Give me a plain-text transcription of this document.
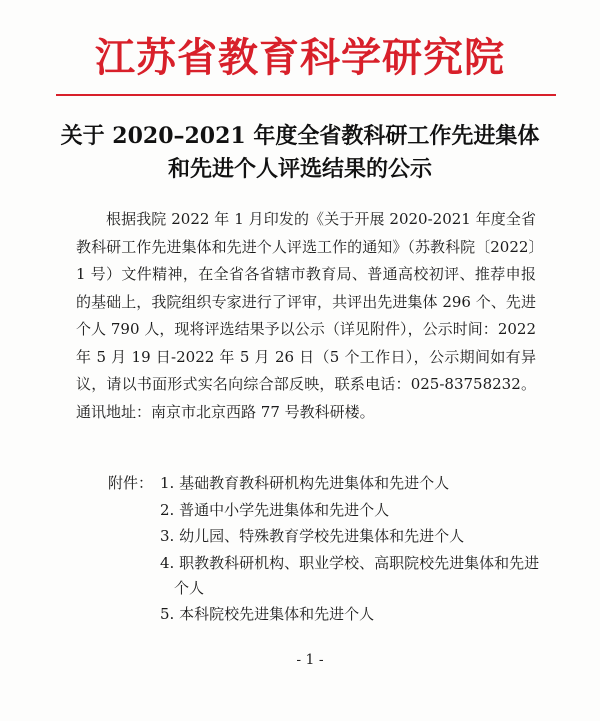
江苏省教育科学研究院
关于 2020–2021 年度全省教科研工作先进集体
和先进个人评选结果的公示
根据我院 2022 年 1 月印发的《关于开展 2020-2021 年度全省教科研工作先进集体和先进个人评选工作的通知》（苏教科院〔2022〕1 号）文件精神，在全省各省辖市教育局、普通高校初评、推荐申报的基础上，我院组织专家进行了评审，共评出先进集体 296 个、先进个人 790 人，现将评选结果予以公示（详见附件），公示时间：2022 年 5 月 19 日-2022 年 5 月 26 日（5 个工作日），公示期间如有异议，请以书面形式实名向综合部反映，联系电话：025-83758232。通讯地址：南京市北京西路 77 号教科研楼。
附件： 1. 基础教育教科研机构先进集体和先进个人
2. 普通中小学先进集体和先进个人
3. 幼儿园、特殊教育学校先进集体和先进个人
4. 职教教科研机构、职业学校、高职院校先进集体和先进个人
5. 本科院校先进集体和先进个人
- 1 -
